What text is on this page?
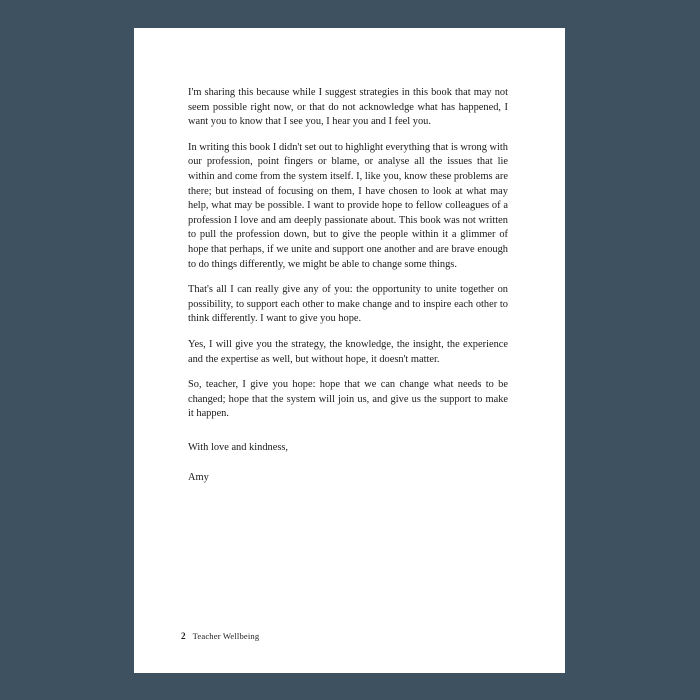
I'm sharing this because while I suggest strategies in this book that may not seem possible right now, or that do not acknowledge what has happened, I want you to know that I see you, I hear you and I feel you.

In writing this book I didn't set out to highlight everything that is wrong with our profession, point fingers or blame, or analyse all the issues that lie within and come from the system itself. I, like you, know these problems are there; but instead of focusing on them, I have chosen to look at what may help, what may be possible. I want to provide hope to fellow colleagues of a profession I love and am deeply passionate about. This book was not written to pull the profession down, but to give the people within it a glimmer of hope that perhaps, if we unite and support one another and are brave enough to do things differently, we might be able to change some things.

That's all I can really give any of you: the opportunity to unite together on possibility, to support each other to make change and to inspire each other to think differently. I want to give you hope.

Yes, I will give you the strategy, the knowledge, the insight, the experience and the expertise as well, but without hope, it doesn't matter.

So, teacher, I give you hope: hope that we can change what needs to be changed; hope that the system will join us, and give us the support to make it happen.

With love and kindness,

Amy

2 Teacher Wellbeing
